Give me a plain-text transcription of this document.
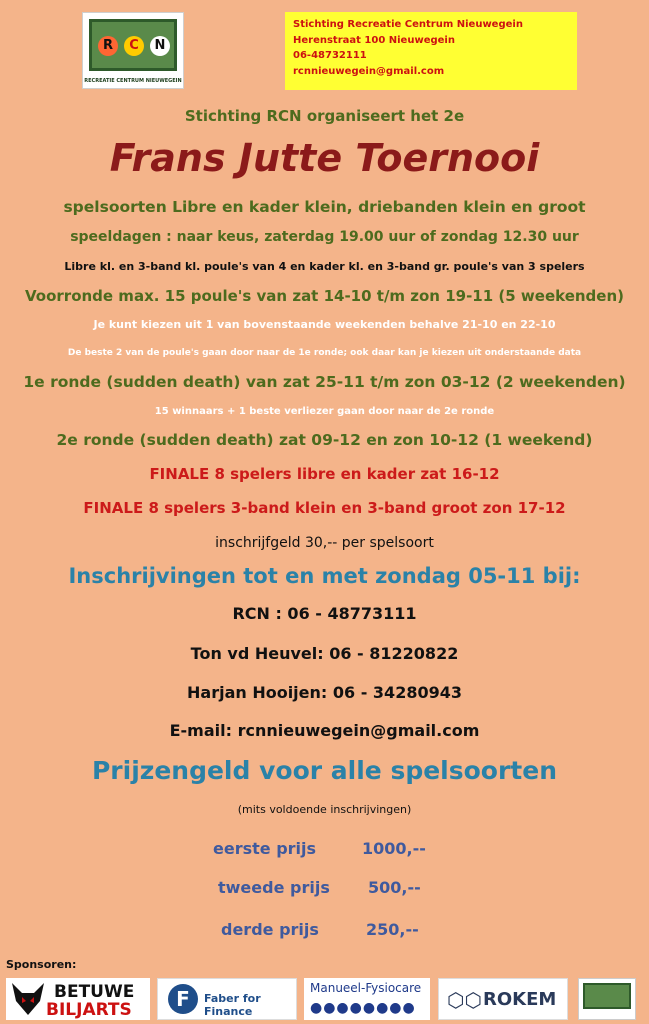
R	C	N
RECREATIE CENTRUM NIEUWEGEIN
Stichting Recreatie Centrum Nieuwegein
Herenstraat 100 Nieuwegein
06-48732111
rcnnieuwegein@gmail.com
Stichting RCN organiseert het 2e
Frans Jutte Toernooi
spelsoorten Libre en kader klein, driebanden klein en groot
speeldagen : naar keus, zaterdag 19.00 uur of zondag 12.30 uur
Libre kl. en 3-band kl. poule's van 4 en kader kl. en 3-band gr. poule's van 3 spelers
Voorronde max. 15 poule's van zat 14-10 t/m zon 19-11 (5 weekenden)
Je kunt kiezen uit 1 van bovenstaande weekenden behalve 21-10 en 22-10
De beste 2 van de poule's gaan door naar de 1e ronde; ook daar kan je kiezen uit onderstaande data
1e ronde (sudden death) van zat 25-11 t/m zon 03-12 (2 weekenden)
15 winnaars + 1 beste verliezer gaan door naar de 2e ronde
2e ronde (sudden death) zat 09-12 en zon 10-12 (1 weekend)
FINALE 8 spelers libre en kader zat 16-12
FINALE 8 spelers 3-band klein en 3-band groot zon 17-12
inschrijfgeld 30,-- per spelsoort
Inschrijvingen tot en met zondag 05-11 bij:
RCN : 06 - 48773111
Ton vd Heuvel: 06 - 81220822
Harjan Hooijen: 06 - 34280943
E-mail: rcnnieuwegein@gmail.com
Prijzengeld voor alle spelsoorten
(mits voldoende inschrijvingen)
eerste prijs	1000,--
tweede prijs 500,--
derde prijs	250,--
Sponsoren:
BETUWE
BILJARTS	F	Faber for Finance
Manueel-Fysiocare
●●●●●●●● ⬡⬡ ROKEM
